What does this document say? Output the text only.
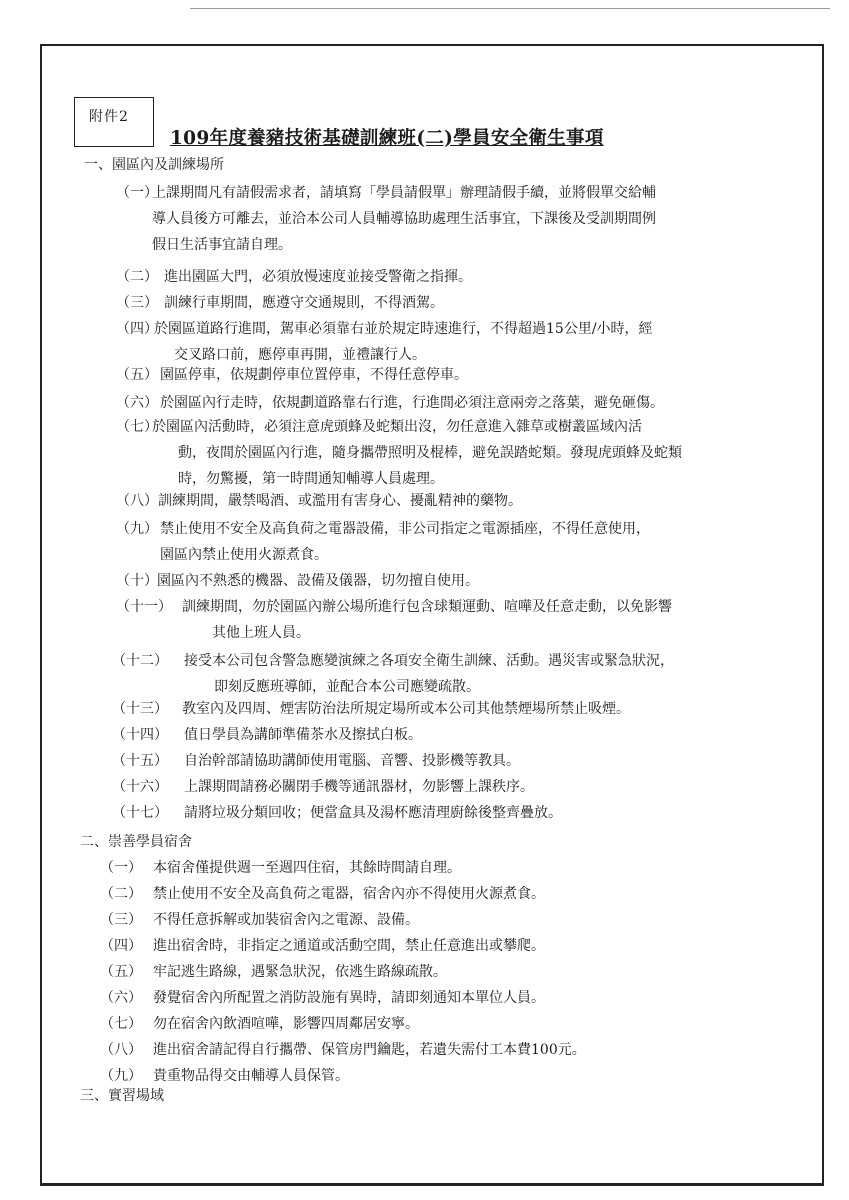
附件2
109年度養豬技術基礎訓練班(二)學員安全衛生事項
一、園區內及訓練場所
（一）
上課期間凡有請假需求者，請填寫「學員請假單」辦理請假手續，並將假單交給輔
導人員後方可離去，並洽本公司人員輔導協助處理生活事宜，下課後及受訓期間例
假日生活事宜請自理。
（二） 進出園區大門，必須放慢速度並接受警衛之指揮。
（三） 訓練行車期間，應遵守交通規則，不得酒駕。
（四）
於園區道路行進間，駕車必須靠右並於規定時速進行，不得超過15公里/小時，經
交叉路口前，應停車再開，並禮讓行人。
（五） 園區停車，依規劃停車位置停車，不得任意停車。
（六） 於園區內行走時，依規劃道路靠右行進，行進間必須注意兩旁之落葉，避免砸傷。
（七）
於園區內活動時，必須注意虎頭蜂及蛇類出沒，勿任意進入雜草或樹叢區域內活
動，夜間於園區內行進，隨身攜帶照明及棍棒，避免誤踏蛇類。發現虎頭蜂及蛇類
時，勿驚擾，第一時間通知輔導人員處理。
（八） 訓練期間，嚴禁喝酒、或濫用有害身心、擾亂精神的藥物。
（九） 禁止使用不安全及高負荷之電器設備，非公司指定之電源插座，不得任意使用，
園區內禁止使用火源煮食。
（十） 園區內不熟悉的機器、設備及儀器，切勿擅自使用。
（十一） 訓練期間，勿於園區內辦公場所進行包含球類運動、喧嘩及任意走動，以免影響
其他上班人員。
（十二） 接受本公司包含警急應變演練之各項安全衛生訓練、活動。遇災害或緊急狀況，
即刻反應班導師，並配合本公司應變疏散。
（十三） 教室內及四周、煙害防治法所規定場所或本公司其他禁煙場所禁止吸煙。
（十四） 值日學員為講師準備茶水及擦拭白板。
（十五） 自治幹部請協助講師使用電腦、音響、投影機等教具。
（十六） 上課期間請務必關閉手機等通訊器材，勿影響上課秩序。
（十七） 請將垃圾分類回收；便當盒具及湯杯應清理廚餘後整齊疊放。
二、崇善學員宿舍
（一） 本宿舍僅提供週一至週四住宿，其餘時間請自理。
（二） 禁止使用不安全及高負荷之電器，宿舍內亦不得使用火源煮食。
（三） 不得任意拆解或加裝宿舍內之電源、設備。
（四） 進出宿舍時，非指定之通道或活動空間，禁止任意進出或攀爬。
（五） 牢記逃生路線，遇緊急狀況，依逃生路線疏散。
（六） 發覺宿舍內所配置之消防設施有異時，請即刻通知本單位人員。
（七） 勿在宿舍內飲酒喧嘩，影響四周鄰居安寧。
（八） 進出宿舍請記得自行攜帶、保管房門鑰匙，若遺失需付工本費100元。
（九） 貴重物品得交由輔導人員保管。
三、實習場域
